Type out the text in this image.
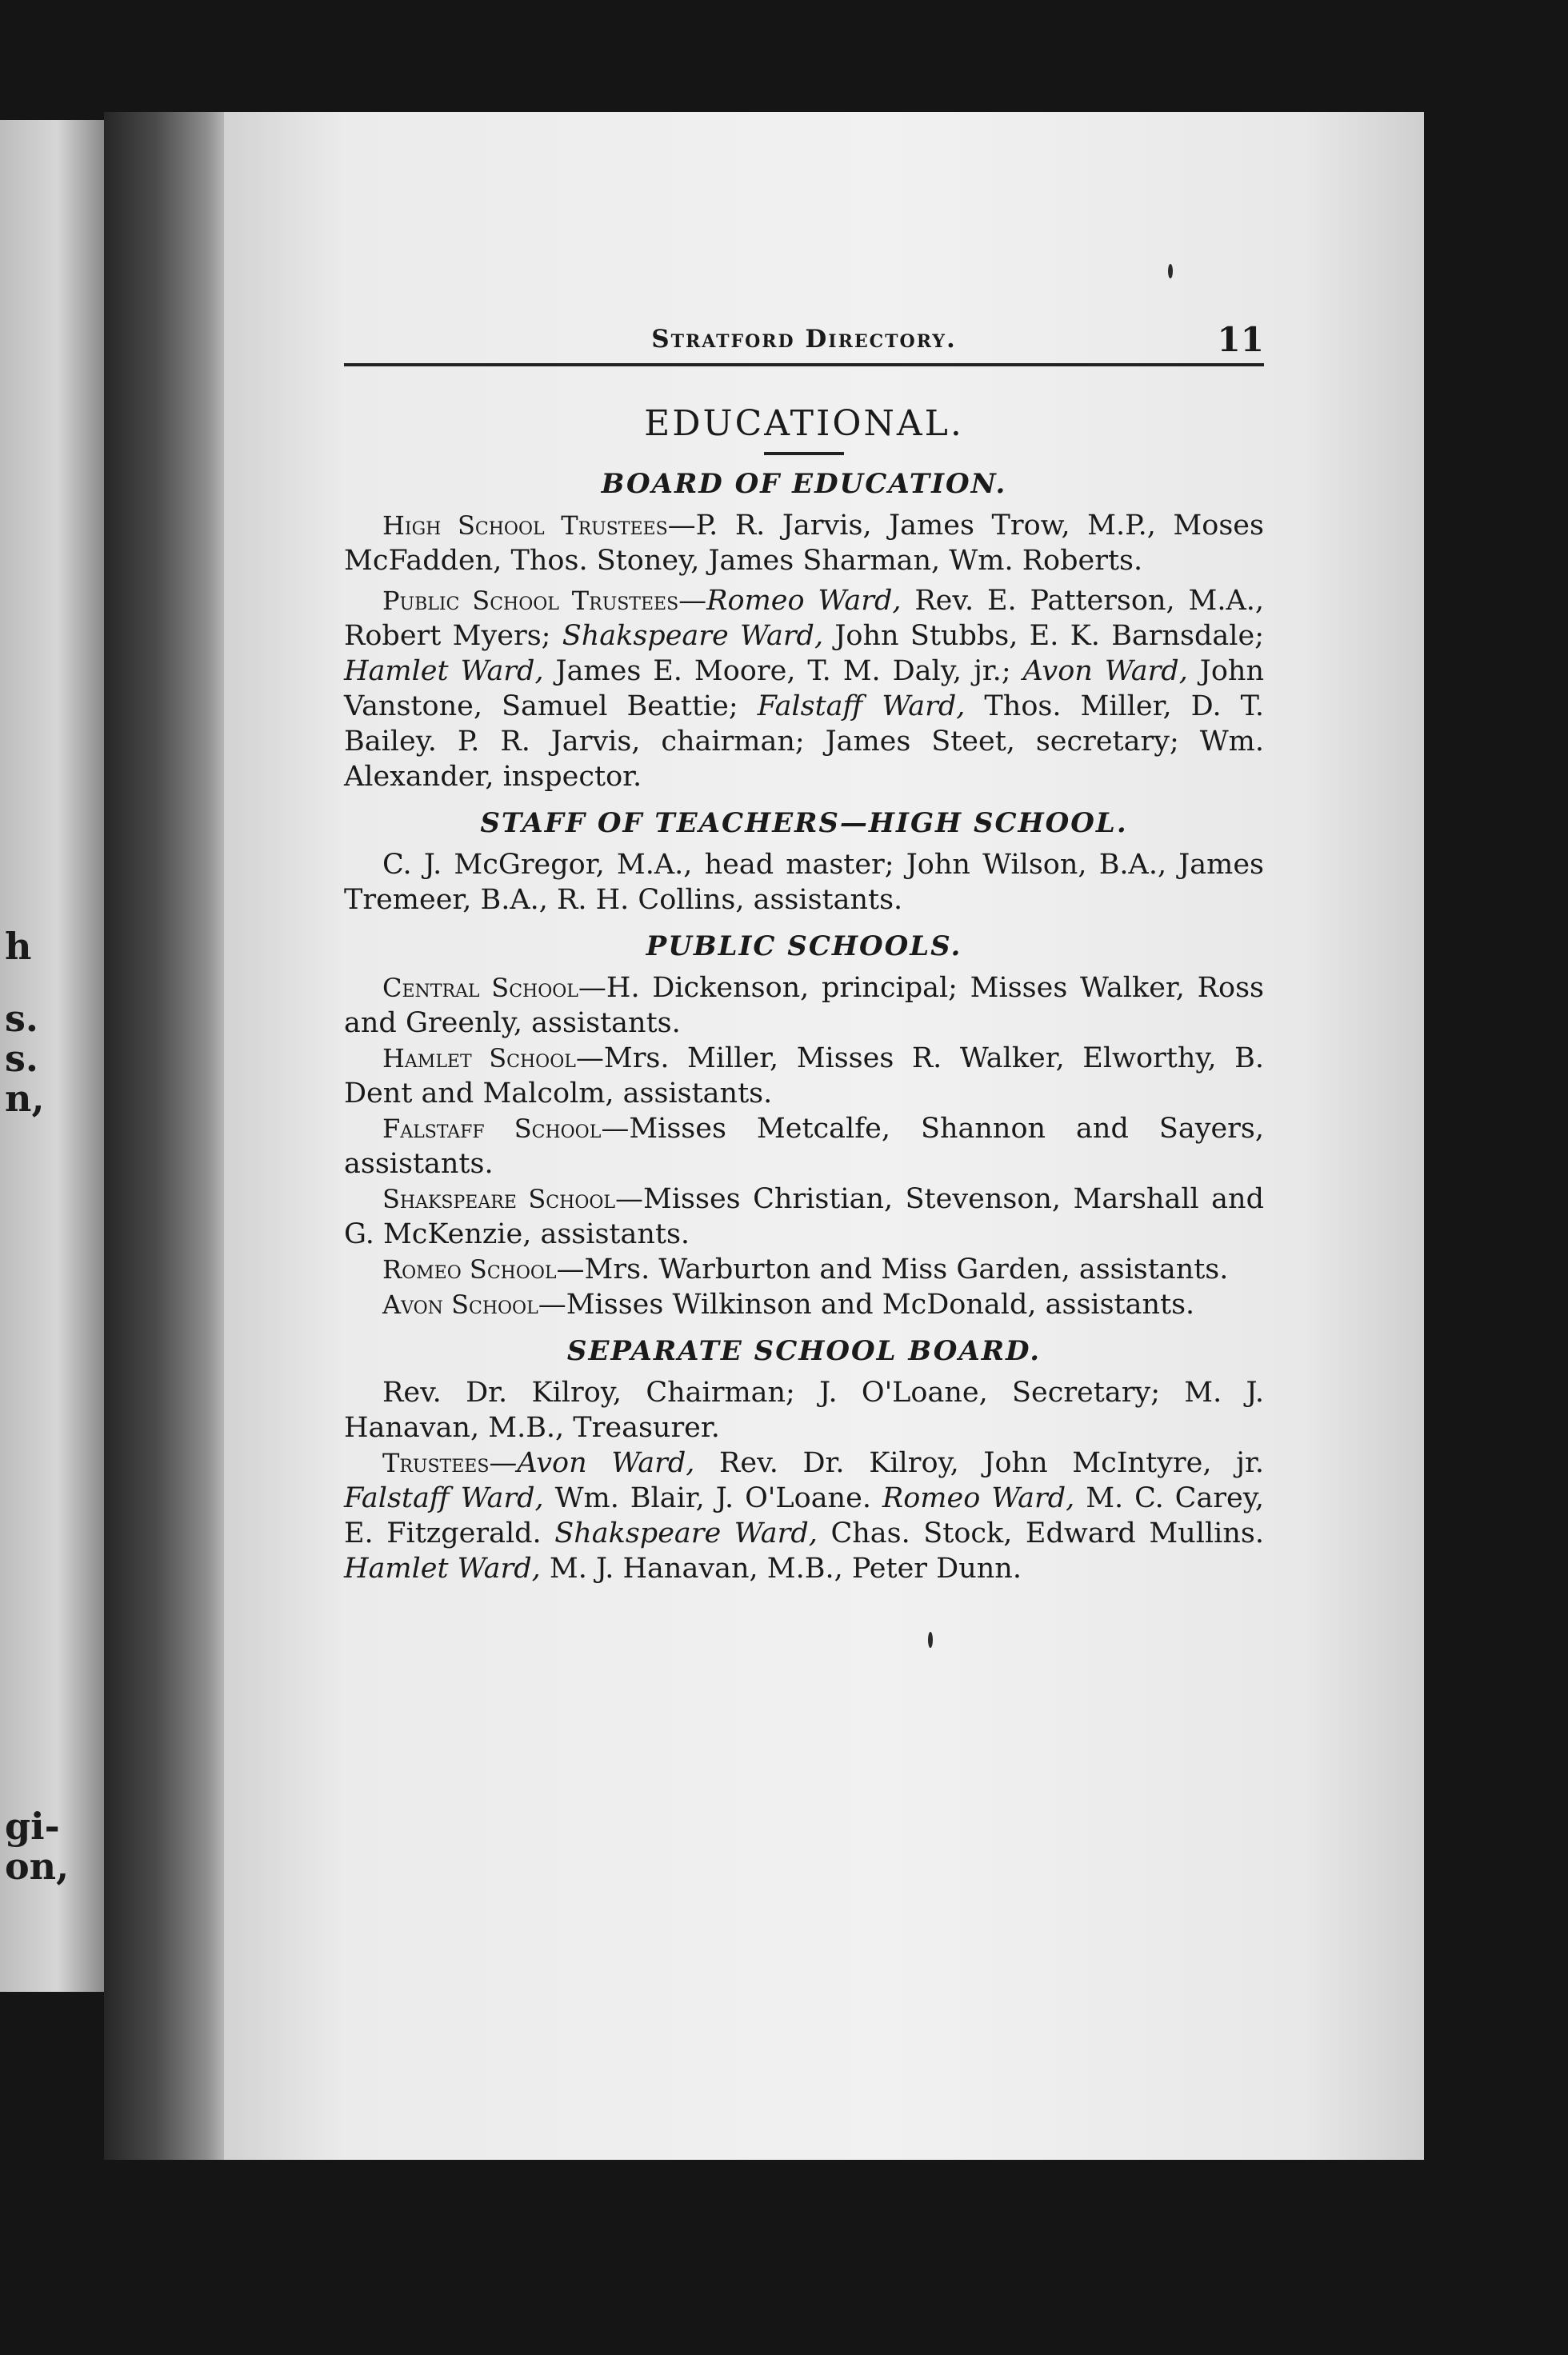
h
s.
s.
n,
gi-
on,
Stratford Directory.	11
EDUCATIONAL.
BOARD OF EDUCATION.

High School Trustees—P. R. Jarvis, James Trow, M.P., Moses McFadden, Thos. Stoney, James Sharman, Wm. Roberts.

Public School Trustees—Romeo Ward, Rev. E. Patterson, M.A., Robert Myers; Shakspeare Ward, John Stubbs, E. K. Barnsdale; Hamlet Ward, James E. Moore, T. M. Daly, jr.; Avon Ward, John Vanstone, Samuel Beattie; Falstaff Ward, Thos. Miller, D. T. Bailey. P. R. Jarvis, chairman; James Steet, secretary; Wm. Alexander, inspector.

STAFF OF TEACHERS—HIGH SCHOOL.

C. J. McGregor, M.A., head master; John Wilson, B.A., James Tremeer, B.A., R. H. Collins, assistants.

PUBLIC SCHOOLS.

Central School—H. Dickenson, principal; Misses Walker, Ross and Greenly, assistants.

Hamlet School—Mrs. Miller, Misses R. Walker, Elworthy, B. Dent and Malcolm, assistants.

Falstaff School—Misses Metcalfe, Shannon and Sayers, assistants.

Shakspeare School—Misses Christian, Stevenson, Marshall and G. McKenzie, assistants.

Romeo School—Mrs. Warburton and Miss Garden, assistants.

Avon School—Misses Wilkinson and McDonald, assistants.

SEPARATE SCHOOL BOARD.

Rev. Dr. Kilroy, Chairman; J. O'Loane, Secretary; M. J. Hanavan, M.B., Treasurer.

Trustees—Avon Ward, Rev. Dr. Kilroy, John McIntyre, jr. Falstaff Ward, Wm. Blair, J. O'Loane. Romeo Ward, M. C. Carey, E. Fitzgerald. Shakspeare Ward, Chas. Stock, Edward Mullins. Hamlet Ward, M. J. Hanavan, M.B., Peter Dunn.
